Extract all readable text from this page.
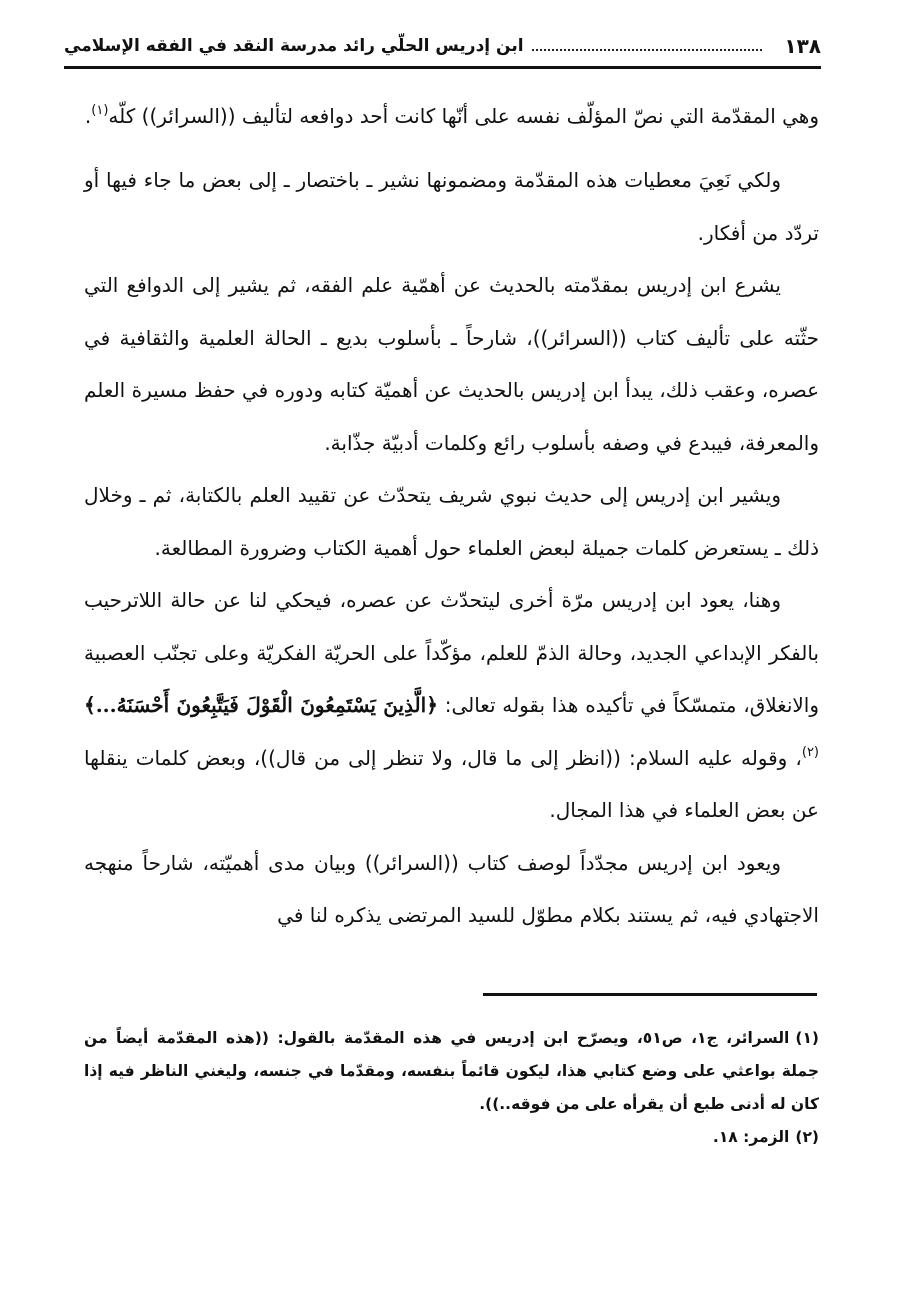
١٣٨
ابن إدريس الحلّي رائد مدرسة النقد في الفقه الإسلامي

وهي المقدّمة التي نصّ المؤلّف نفسه على أنّها كانت أحد دوافعه لتأليف ((السرائر)) كلّه$^{(١)}$.

ولكي نَعِيَ معطيات هذه المقدّمة ومضمونها نشير ـ باختصار ـ إلى بعض ما جاء فيها أو تردّد من أفكار.

يشرع ابن إدريس بمقدّمته بالحديث عن أهمّية علم الفقه، ثم يشير إلى الدوافع التي حثّته على تأليف كتاب ((السرائر))، شارحاً ـ بأسلوب بديع ـ الحالة العلمية والثقافية في عصره، وعقب ذلك، يبدأ ابن إدريس بالحديث عن أهميّة كتابه ودوره في حفظ مسيرة العلم والمعرفة، فيبدع في وصفه بأسلوب رائع وكلمات أدبيّة جذّابة.

ويشير ابن إدريس إلى حديث نبوي شريف يتحدّث عن تقييد العلم بالكتابة، ثم ـ وخلال ذلك ـ يستعرض كلمات جميلة لبعض العلماء حول أهمية الكتاب وضرورة المطالعة.

وهنا، يعود ابن إدريس مرّة أخرى ليتحدّث عن عصره، فيحكي لنا عن حالة اللاترحيب بالفكر الإبداعي الجديد، وحالة الذمّ للعلم، مؤكّداً على الحريّة الفكريّة وعلى تجنّب العصبية والانغلاق، متمسّكاً في تأكيده هذا بقوله تعالى: ﴿الَّذِينَ يَسْتَمِعُونَ الْقَوْلَ فَيَتَّبِعُونَ أَحْسَنَهُ...﴾$^{(٢)}$، وقوله عليه السلام: ((انظر إلى ما قال، ولا تنظر إلى من قال))، وبعض كلمات ينقلها عن بعض العلماء في هذا المجال.

ويعود ابن إدريس مجدّداً لوصف كتاب ((السرائر)) وبيان مدى أهميّته، شارحاً منهجه الاجتهادي فيه، ثم يستند بكلام مطوّل للسيد المرتضى يذكره لنا في

(١)السرائر، ج١، ص٥١، ويصرّح ابن إدريس في هذه المقدّمة بالقول: ((هذه المقدّمة أيضاً من جملة بواعثي على وضع كتابي هذا، ليكون قائماً بنفسه، ومقدّما في جنسه، وليغني الناظر فيه إذا كان له أدنى طبع أن يقرأه على من فوقه..)).

(٢)الزمر: ١٨.
